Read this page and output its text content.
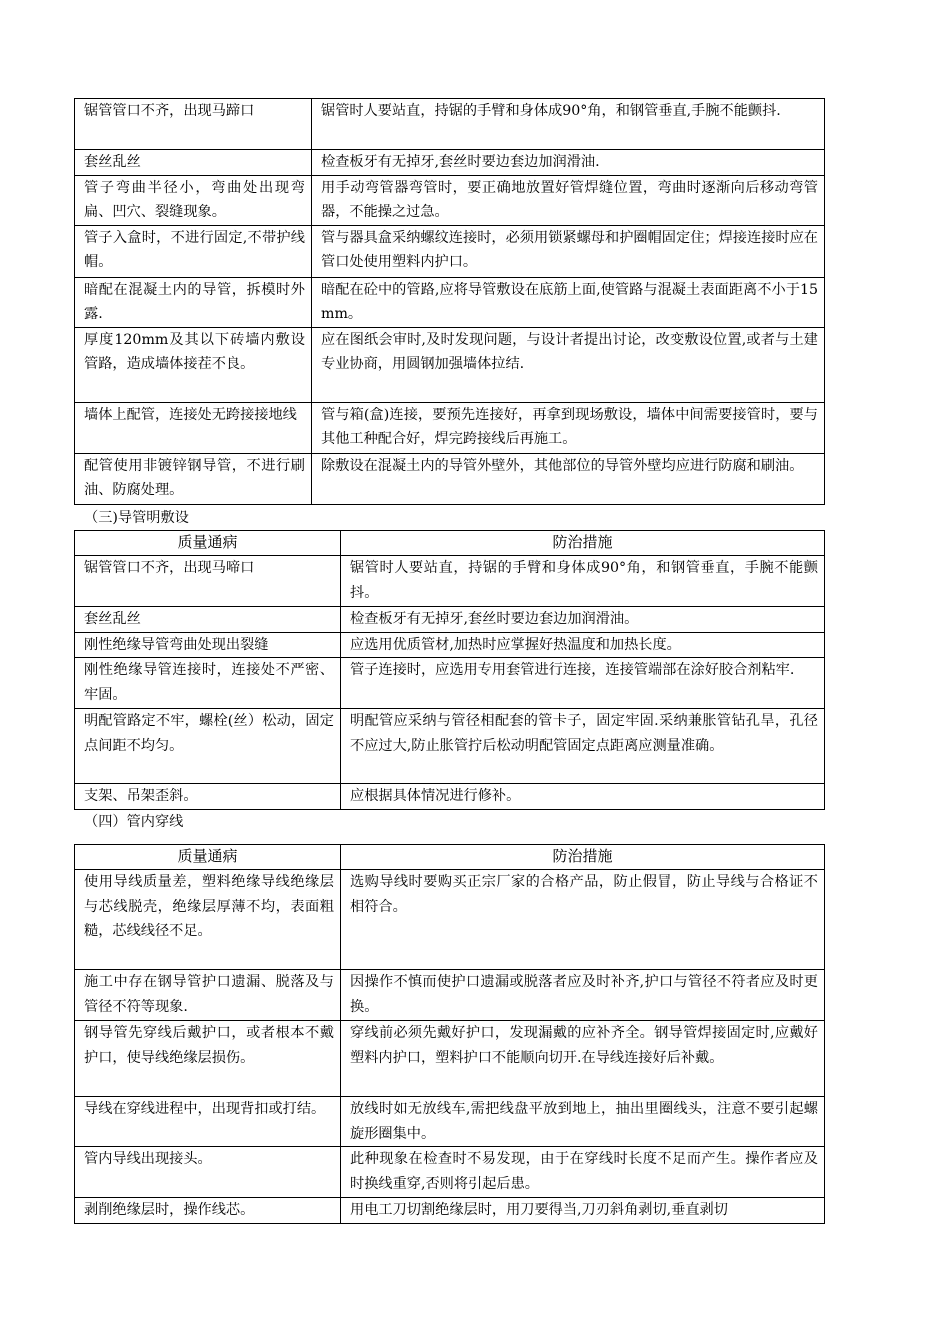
锯管管口不齐，出现马蹄口	锯管时人要站直，持锯的手臂和身体成90°角，和钢管垂直,手腕不能颤抖.
套丝乱丝	检查板牙有无掉牙,套丝时要边套边加润滑油.
管子弯曲半径小，弯曲处出现弯扁、凹穴、裂缝现象。	用手动弯管器弯管时，要正确地放置好管焊缝位置，弯曲时逐渐向后移动弯管器，不能操之过急。
管子入盒时，不进行固定,不带护线帽。	管与器具盒采纳螺纹连接时，必须用锁紧螺母和护圈帽固定住；焊接连接时应在管口处使用塑料内护口。
暗配在混凝土内的导管，拆模时外露.	暗配在砼中的管路,应将导管敷设在底筋上面,使管路与混凝土表面距离不小于15mm。
厚度120mm及其以下砖墙内敷设管路，造成墙体接茬不良。	应在图纸会审时,及时发现问题，与设计者提出讨论，改变敷设位置,或者与土建专业协商，用圆钢加强墙体拉结.
墙体上配管，连接处无跨接接地线	管与箱(盒)连接，要预先连接好，再拿到现场敷设，墙体中间需要接管时，要与其他工种配合好，焊完跨接线后再施工。
配管使用非镀锌钢导管，不进行刷油、防腐处理。	除敷设在混凝土内的导管外壁外，其他部位的导管外壁均应进行防腐和刷油。
（三)导管明敷设
质量通病	防治措施
锯管管口不齐，出现马啼口	锯管时人要站直，持锯的手臂和身体成90°角，和钢管垂直，手腕不能颤抖。
套丝乱丝	检查板牙有无掉牙,套丝时要边套边加润滑油。
刚性绝缘导管弯曲处现出裂缝	应选用优质管材,加热时应掌握好热温度和加热长度。
刚性绝缘导管连接时，连接处不严密、牢固。	管子连接时，应选用专用套管进行连接，连接管端部在涂好胶合剂粘牢.
明配管路定不牢，螺栓(丝）松动，固定点间距不均匀。	明配管应采纳与管径相配套的管卡子，固定牢固.采纳兼胀管钻孔旱，孔径不应过大,防止胀管拧后松动明配管固定点距离应测量准确。
支架、吊架歪斜。	应根据具体情况进行修补。
（四）管内穿线
质量通病	防治措施
使用导线质量差，塑料绝缘导线绝缘层与芯线脱壳，绝缘层厚薄不均，表面粗糙，芯线线径不足。	选购导线时要购买正宗厂家的合格产品，防止假冒，防止导线与合格证不相符合。
施工中存在钢导管护口遗漏、脱落及与管径不符等现象.	因操作不慎而使护口遗漏或脱落者应及时补齐,护口与管径不符者应及时更换。
钢导管先穿线后戴护口，或者根本不戴护口，使导线绝缘层损伤。	穿线前必须先戴好护口，发现漏戴的应补齐全。钢导管焊接固定时,应戴好塑料内护口，塑料护口不能顺向切开.在导线连接好后补戴。
导线在穿线进程中，出现背扣或打结。	放线时如无放线车,需把线盘平放到地上，抽出里圈线头，注意不要引起螺旋形圈集中。
管内导线出现接头。	此种现象在检查时不易发现，由于在穿线时长度不足而产生。操作者应及时换线重穿,否则将引起后患。
剥削绝缘层时，操作线芯。	用电工刀切割绝缘层时，用刀要得当,刀刃斜角剥切,垂直剥切
